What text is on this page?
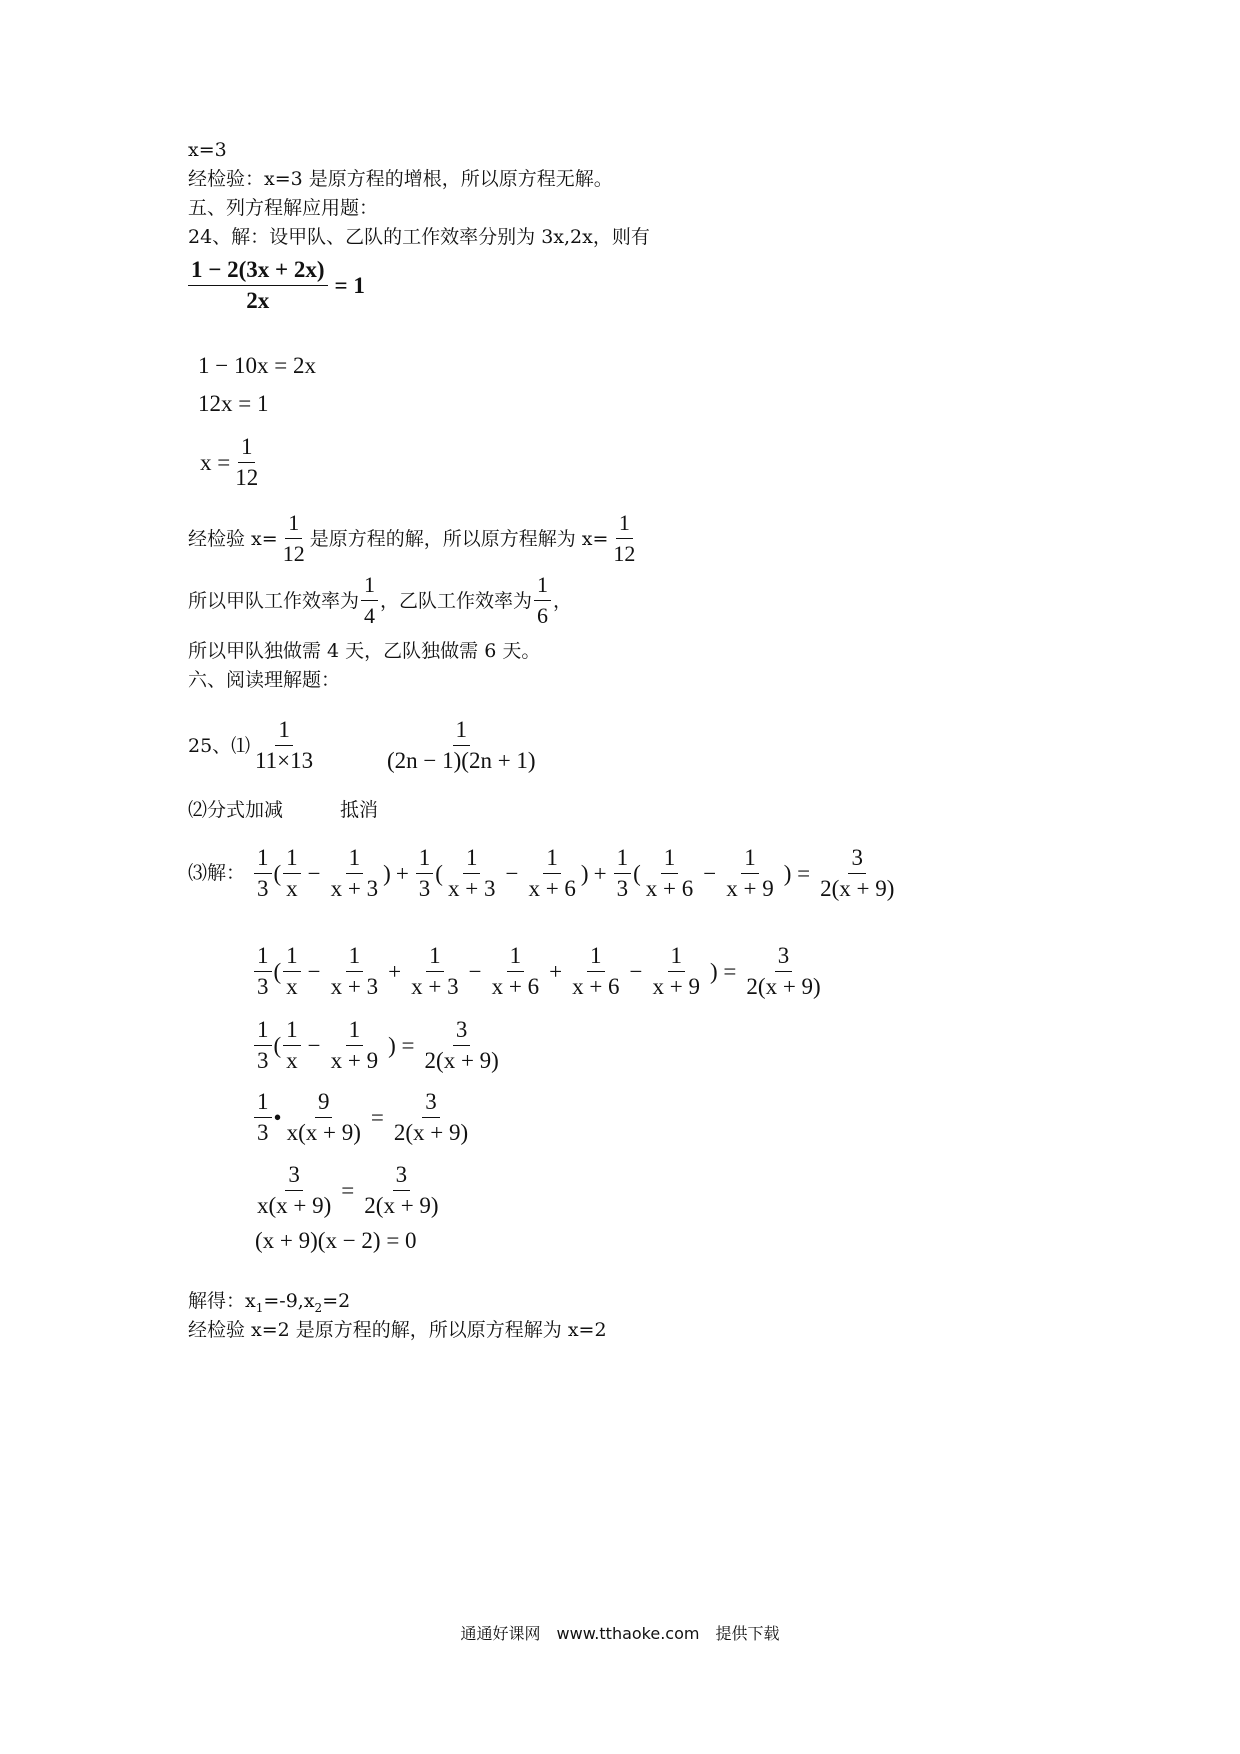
x=3
经检验：x=3 是原方程的增根，所以原方程无解。
五、列方程解应用题：
24、解：设甲队、乙队的工作效率分别为 3x,2x，则有
$\frac{1 - 2(3x + 2x)}{2x} = 1$
1 − 10x = 2x
12x = 1
$x = \frac{1}{12}$
经检验 $x= \frac{1}{12}$ 是原方程的解，所以原方程解为 $x= \frac{1}{12}$
所以甲队工作效率为 $\frac{1}{4}$ ，乙队工作效率为 $\frac{1}{6}$ ，
所以甲队独做需 4 天，乙队独做需 6 天。
六、阅读理解题：
25、⑴ $\frac{1}{11\times 13}$	$\frac{1}{(2n - 1)(2n + 1)}$
⑵分式加减　　　抵消
⑶解： $\frac{1}{3}$ ( $\frac{1}{x} - \frac{1}{x + 3}$ ) + $\frac{1}{3}$ ( $\frac{1}{x + 3} - \frac{1}{x + 6}$ ) + $\frac{1}{3}$ ( $\frac{1}{x + 6} - \frac{1}{x + 9}$ ) = $\frac{3}{2(x + 9)}$
$\frac{1}{3}$ ( $\frac{1}{x} - \frac{1}{x + 3} + \frac{1}{x + 3} - \frac{1}{x + 6} + \frac{1}{x + 6} - \frac{1}{x + 9}$ ) = $\frac{3}{2(x + 9)}$
$\frac{1}{3}$ ( $\frac{1}{x} - \frac{1}{x + 9}$ ) = $\frac{3}{2(x + 9)}$
$\frac{1}{3}$ • $\frac{9}{x(x + 9)} = \frac{3}{2(x + 9)}$
$\frac{3}{x(x + 9)} = \frac{3}{2(x + 9)}$
(x + 9)(x − 2) = 0
解得：$x_1=-9,x_2=2$
经检验 x=2 是原方程的解，所以原方程解为 x=2
通通好课网　www.tthaoke.com　提供下载
